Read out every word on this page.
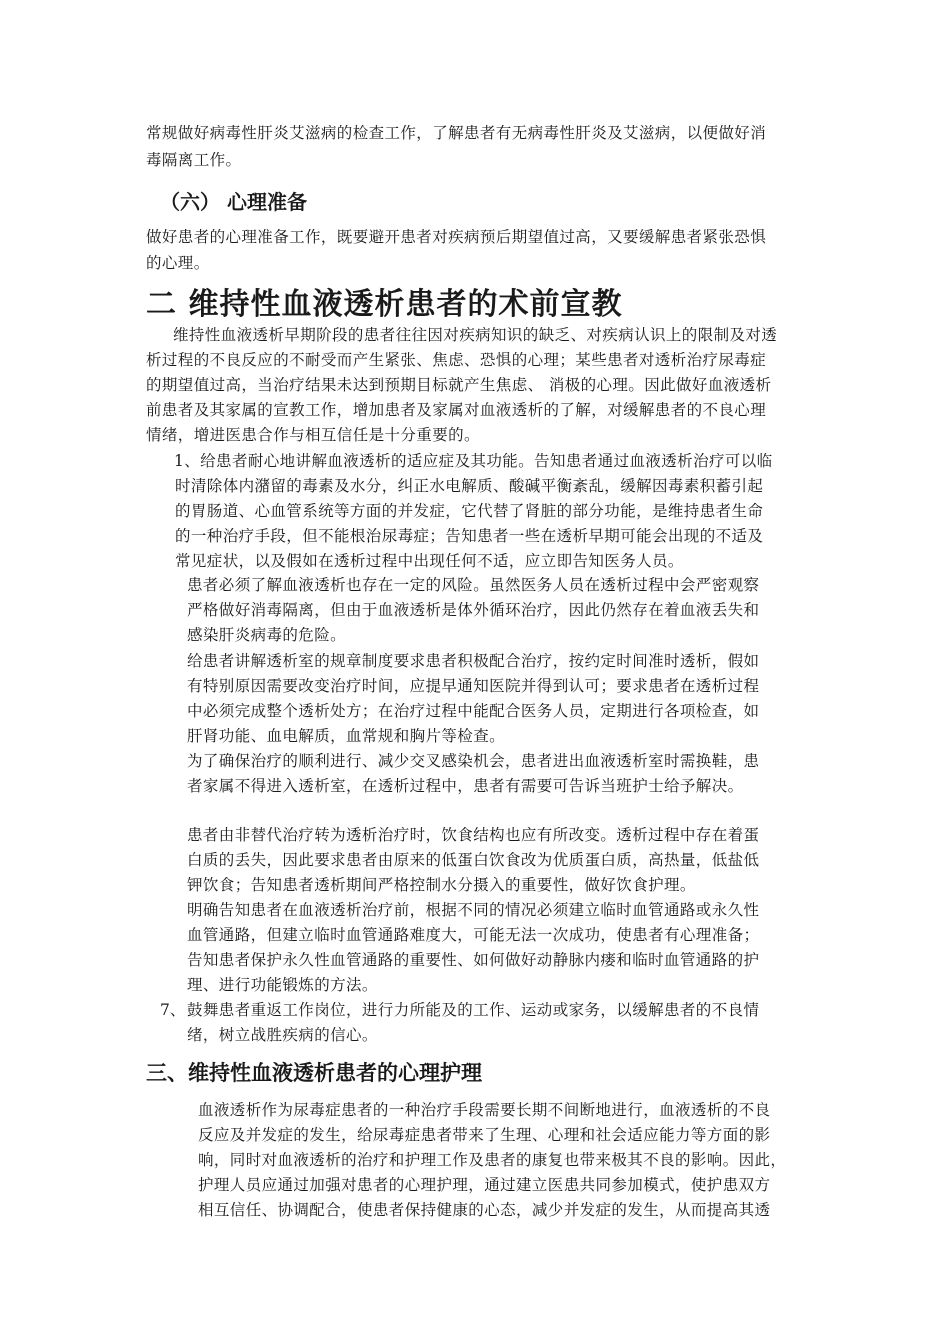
常规做好病毒性肝炎艾滋病的检查工作，了解患者有无病毒性肝炎及艾滋病，以便做好消
毒隔离工作。
（六） 心理准备
做好患者的心理准备工作，既要避开患者对疾病预后期望值过高，又要缓解患者紧张恐惧
的心理。
二 维持性血液透析患者的术前宣教
维持性血液透析早期阶段的患者往往因对疾病知识的缺乏、对疾病认识上的限制及对透
析过程的不良反应的不耐受而产生紧张、焦虑、恐惧的心理；某些患者对透析治疗尿毒症
的期望值过高，当治疗结果未达到预期目标就产生焦虑、 消极的心理。因此做好血液透析
前患者及其家属的宣教工作，增加患者及家属对血液透析的了解，对缓解患者的不良心理
情绪，增进医患合作与相互信任是十分重要的。
1、给患者耐心地讲解血液透析的适应症及其功能。告知患者通过血液透析治疗可以临
时清除体内潴留的毒素及水分，纠正水电解质、酸碱平衡紊乱，缓解因毒素积蓄引起
的胃肠道、心血管系统等方面的并发症，它代替了肾脏的部分功能，是维持患者生命
的一种治疗手段，但不能根治尿毒症；告知患者一些在透析早期可能会出现的不适及
常见症状，以及假如在透析过程中出现任何不适，应立即告知医务人员。
患者必须了解血液透析也存在一定的风险。虽然医务人员在透析过程中会严密观察
严格做好消毒隔离，但由于血液透析是体外循环治疗，因此仍然存在着血液丢失和
感染肝炎病毒的危险。
给患者讲解透析室的规章制度要求患者积极配合治疗，按约定时间准时透析，假如
有特别原因需要改变治疗时间，应提早通知医院并得到认可；要求患者在透析过程
中必须完成整个透析处方；在治疗过程中能配合医务人员，定期进行各项检查，如
肝肾功能、血电解质，血常规和胸片等检查。
为了确保治疗的顺利进行、减少交叉感染机会，患者进出血液透析室时需换鞋，患
者家属不得进入透析室，在透析过程中，患者有需要可告诉当班护士给予解决。
患者由非替代治疗转为透析治疗时，饮食结构也应有所改变。透析过程中存在着蛋
白质的丢失，因此要求患者由原来的低蛋白饮食改为优质蛋白质，高热量，低盐低
钾饮食；告知患者透析期间严格控制水分摄入的重要性，做好饮食护理。
明确告知患者在血液透析治疗前，根据不同的情况必须建立临时血管通路或永久性
血管通路，但建立临时血管通路难度大，可能无法一次成功，使患者有心理准备；
告知患者保护永久性血管通路的重要性、如何做好动静脉内瘘和临时血管通路的护
理、进行功能锻炼的方法。
7、 鼓舞患者重返工作岗位，进行力所能及的工作、运动或家务，以缓解患者的不良情
绪，树立战胜疾病的信心。
三、维持性血液透析患者的心理护理
血液透析作为尿毒症患者的一种治疗手段需要长期不间断地进行，血液透析的不良
反应及并发症的发生，给尿毒症患者带来了生理、心理和社会适应能力等方面的影
响，同时对血液透析的治疗和护理工作及患者的康复也带来极其不良的影响。因此，
护理人员应通过加强对患者的心理护理，通过建立医患共同参加模式，使护患双方
相互信任、协调配合，使患者保持健康的心态，减少并发症的发生，从而提高其透
